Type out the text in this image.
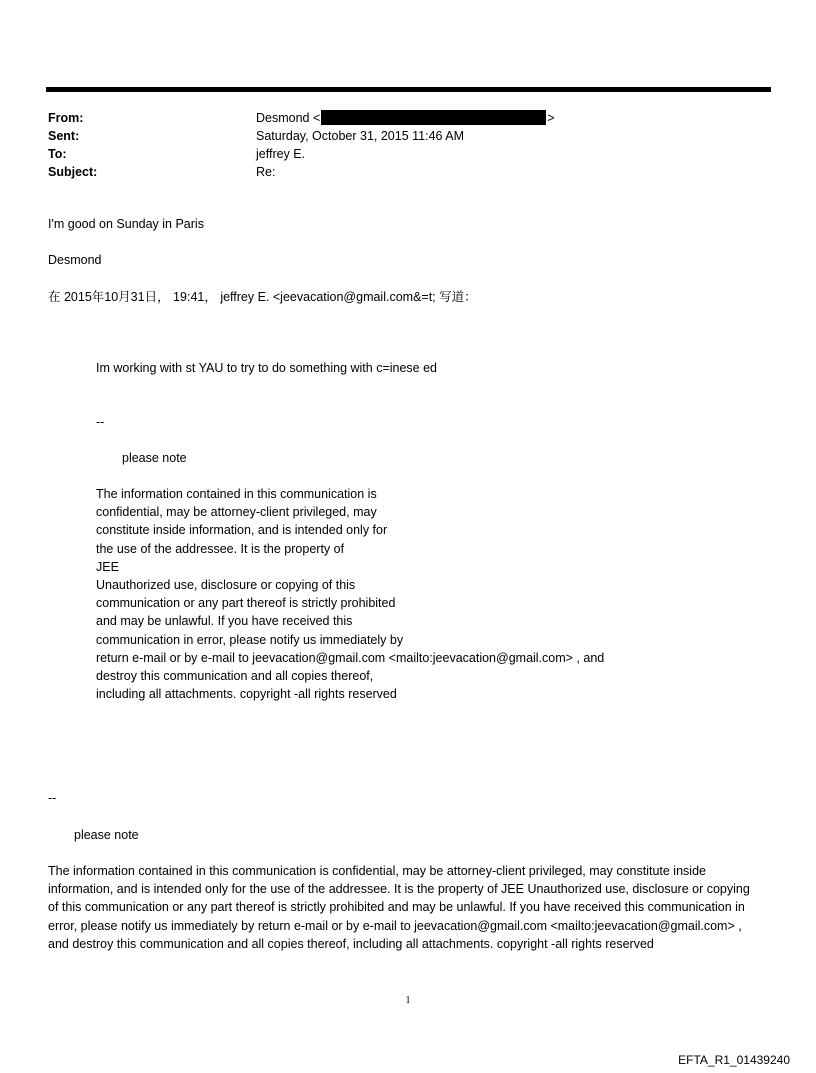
From:	Desmond <	>
Sent:	Saturday, October 31, 2015 11:46 AM
To:	jeffrey E.
Subject:	Re:
I'm good on Sunday in Paris
Desmond
在 2015年10月31日， 19:41， jeffrey E. <jeevacation@gmail.com&=t; 写道：
Im working with st YAU to try to do something with c=inese ed
--
please note
The information contained in this communication is
confidential, may be attorney-client privileged, may
constitute inside information, and is intended only for
the use of the addressee. It is the property of
JEE
Unauthorized use, disclosure or copying of this
communication or any part thereof is strictly prohibited
and may be unlawful. If you have received this
communication in error, please notify us immediately by
return e-mail or by e-mail to jeevacation@gmail.com <mailto:jeevacation@gmail.com> , and
destroy this communication and all copies thereof,
including all attachments. copyright -all rights reserved
--
please note
The information contained in this communication is confidential, may be attorney-client privileged, may constitute inside information, and is intended only for the use of the addressee. It is the property of JEE Unauthorized use, disclosure or copying of this communication or any part thereof is strictly prohibited and may be unlawful. If you have received this communication in error, please notify us immediately by return e-mail or by e-mail to jeevacation@gmail.com <mailto:jeevacation@gmail.com> , and destroy this communication and all copies thereof, including all attachments. copyright -all rights reserved
1
EFTA_R1_01439240
